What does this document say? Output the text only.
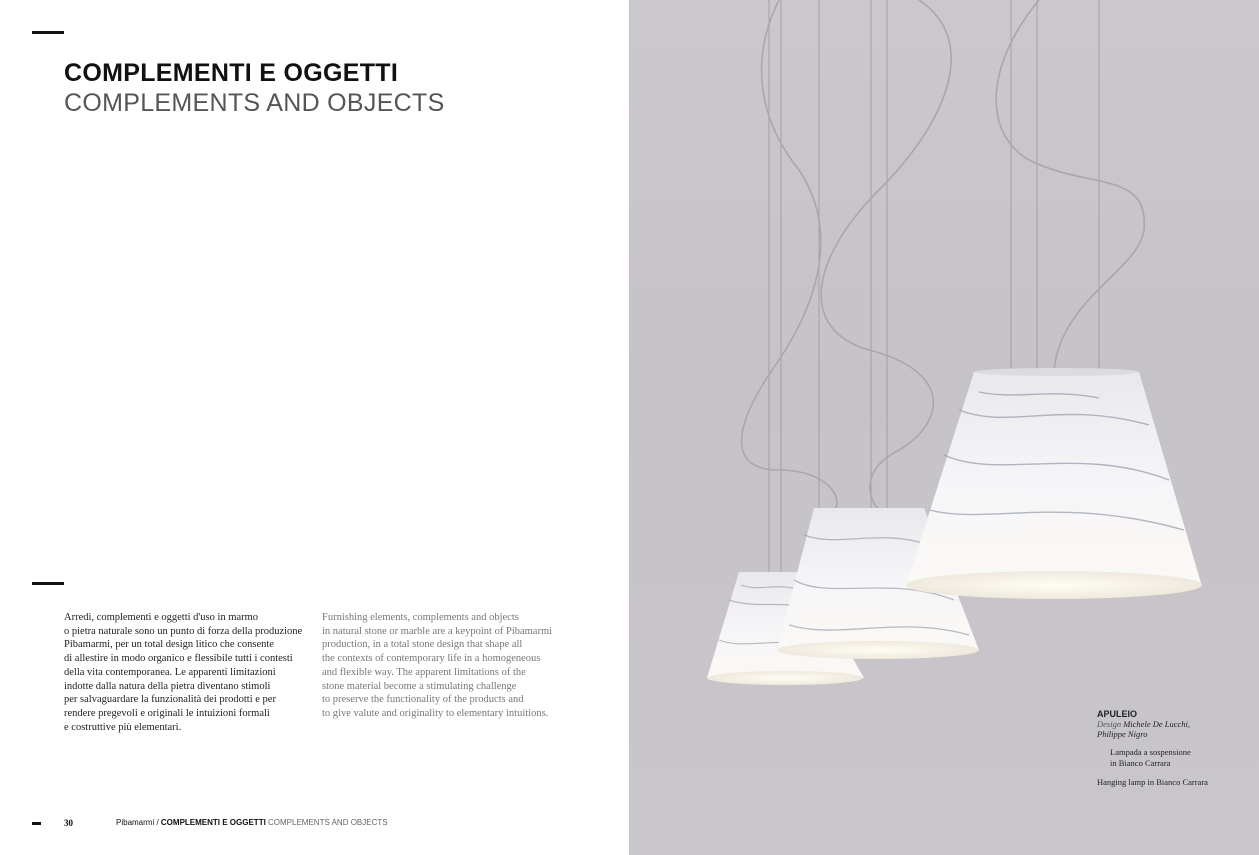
COMPLEMENTI E OGGETTI
COMPLEMENTS AND OBJECTS
Arredi, complementi e oggetti d'uso in marmo
o pietra naturale sono un punto di forza della produzione
Pibamarmi, per un total design litico che consente
di allestire in modo organico e flessibile tutti i contesti
della vita contemporanea. Le apparenti limitazioni
indotte dalla natura della pietra diventano stimoli
per salvaguardare la funzionalità dei prodotti e per
rendere pregevoli e originali le intuizioni formali
e costruttive più elementari.
Furnishing elements, complements and objects
in natural stone or marble are a keypoint of Pibamarmi
production, in a total stone design that shape all
the contexts of contemporary life in a homogeneous
and flexible way. The apparent limitations of the
stone material become a stimulating challenge
to preserve the functionality of the products and
to give valute and originality to elementary intuitions.
30	Pibamarmi / COMPLEMENTI E OGGETTI COMPLEMENTS AND OBJECTS
APULEIO
Design Michele De Lucchi,
Philippe Nigro
Lampada a sospensione
in Bianco Carrara
Hanging lamp in Bianco Carrara
